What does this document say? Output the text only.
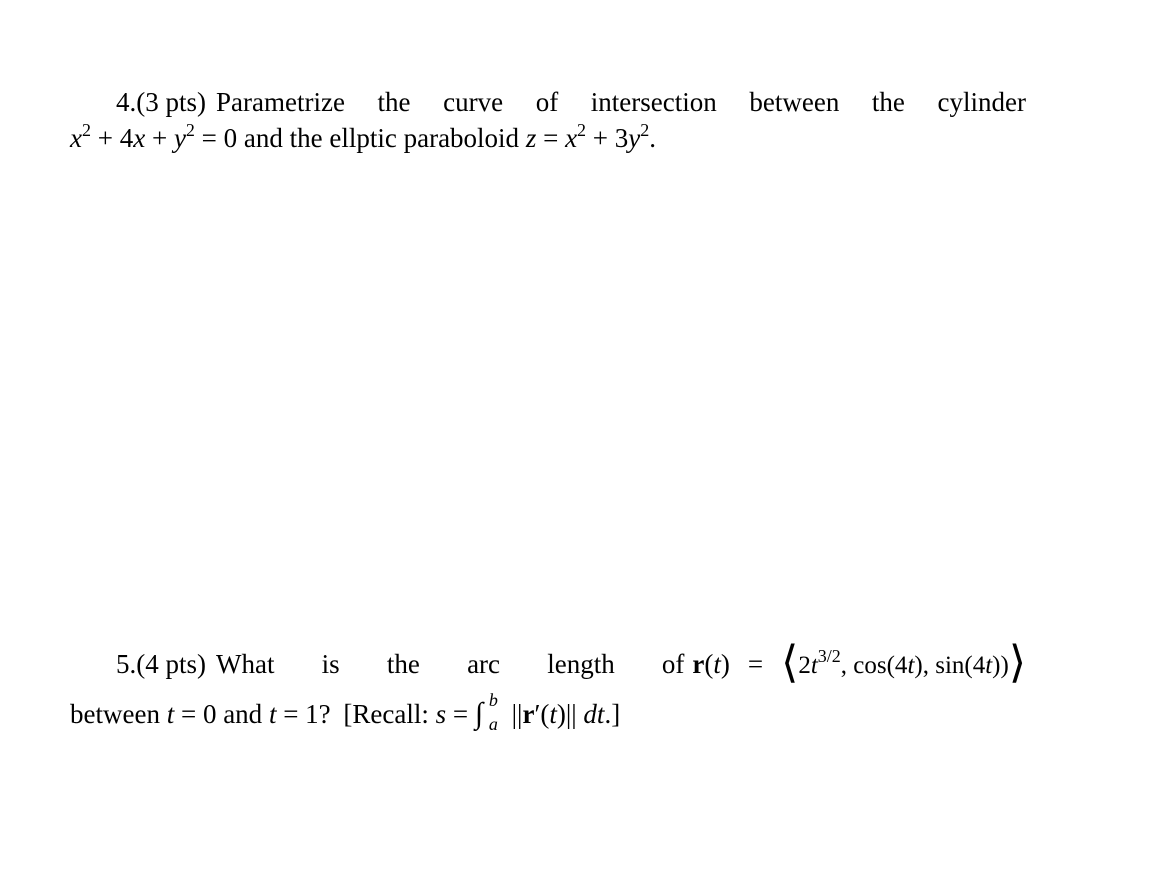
4. (3 pts) Parametrize the curve of intersection between the cylinder
$x^2 + 4x + y^2 = 0$ and the ellptic paraboloid $z = x^2 + 3y^2$.
5. (4 pts) What is the arc length of $r(t) = ⟨2t^{3/2}$, cos(4t), sin(4t))⟩
between t = 0 and t = 1? [Recall: s = ∫ b
a ||r′(t)|| dt.]
